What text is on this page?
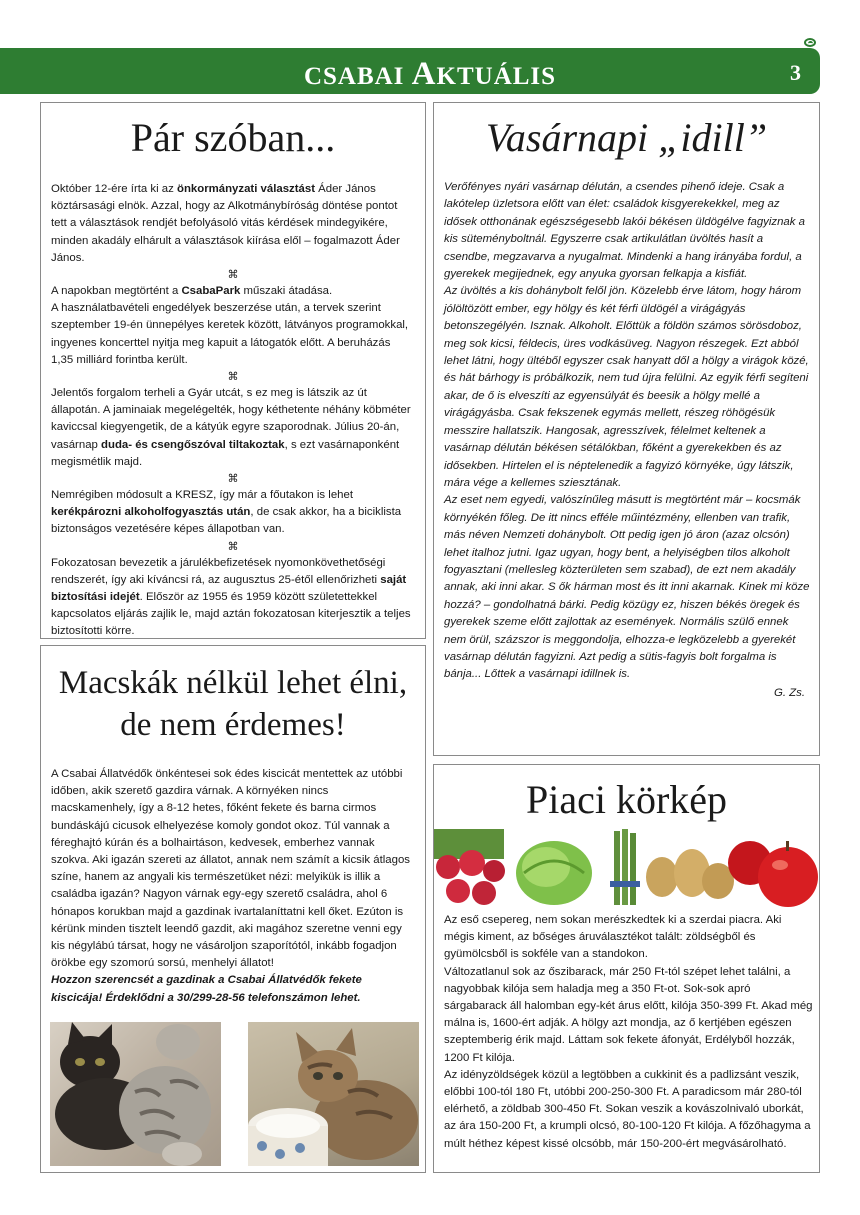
CSABAI AKTUÁLIS	3
Pár szóban...

Október 12-ére írta ki az önkormányzati választást Áder János köztársasági elnök. Azzal, hogy az Alkotmánybíróság döntése pontot tett a választások rendjét befolyásoló vitás kérdések mindegyikére, minden akadály elhárult a választások kiírása elől – fogalmazott Áder János.

⌘

A napokban megtörtént a CsabaPark műszaki átadása.

A használatbavételi engedélyek beszerzése után, a tervek szerint szeptember 19-én ünnepélyes keretek között, látványos programokkal, ingyenes koncerttel nyitja meg kapuit a látogatók előtt. A beruházás 1,35 milliárd forintba került.

⌘

Jelentős forgalom terheli a Gyár utcát, s ez meg is látszik az út állapotán. A jaminaiak megelégelték, hogy kéthetente néhány köbméter kaviccsal kiegyengetik, de a kátyúk egyre szaporodnak. Július 20-án, vasárnap duda- és csengőszóval tiltakoztak, s ezt vasárnaponként megismétlik majd.

⌘

Nemrégiben módosult a KRESZ, így már a főutakon is lehet kerékpározni alkoholfogyasztás után, de csak akkor, ha a biciklista biztonságos vezetésére képes állapotban van.

⌘

Fokozatosan bevezetik a járulékbefizetések nyomonkövethetőségi rendszerét, így aki kíváncsi rá, az augusztus 25-étől ellenőrizheti saját biztosítási idejét. Először az 1955 és 1959 között születettekkel kapcsolatos eljárás zajlik le, majd aztán fokozatosan kiterjesztik a teljes biztosítotti körre.

Vasárnapi „idill”

Verőfényes nyári vasárnap délután, a csendes pihenő ideje. Csak a lakótelep üzletsora előtt van élet: családok kisgyerekekkel, meg az idősek otthonának egészségesebb lakói békésen üldögélve fagyiznak a kis süteményboltnál. Egyszerre csak artikulátlan üvöltés hasít a csendbe, megzavarva a nyugalmat. Mindenki a hang irányába fordul, a gyerekek megijednek, egy anyuka gyorsan felkapja a kisfiát.

Az üvöltés a kis dohánybolt felől jön. Közelebb érve látom, hogy három jólöltözött ember, egy hölgy és két férfi üldögél a virágágyás betonszegélyén. Isznak. Alkoholt. Előttük a földön számos sörösdoboz, meg sok kicsi, féldecis, üres vodkásüveg. Nagyon részegek. Ezt abból lehet látni, hogy ültéből egyszer csak hanyatt dől a hölgy a virágok közé, és hát bárhogy is próbálkozik, nem tud újra felülni. Az egyik férfi segíteni akar, de ő is elveszíti az egyensúlyát és beesik a hölgy mellé a virágágyásba. Csak fekszenek egymás mellett, részeg röhögésük messzire hallatszik. Hangosak, agresszívek, félelmet keltenek a vasárnap délután békésen sétálókban, főként a gyerekekben és az idősekben. Hirtelen el is néptelenedik a fagyizó környéke, úgy látszik, mára vége a kellemes sziesztának.

Az eset nem egyedi, valószínűleg másutt is megtörtént már – kocsmák környékén főleg. De itt nincs efféle műintézmény, ellenben van trafik, más néven Nemzeti dohánybolt. Ott pedig igen jó áron (azaz olcsón) lehet italhoz jutni. Igaz ugyan, hogy bent, a helyiségben tilos alkoholt fogyasztani (mellesleg közterületen sem szabad), de ezt nem akadály annak, aki inni akar. S ők hárman most és itt inni akarnak. Kinek mi köze hozzá? – gondolhatná bárki. Pedig közügy ez, hiszen békés öregek és gyerekek szeme előtt zajlottak az események. Normális szülő ennek nem örül, százszor is meggondolja, elhozza-e legközelebb a gyerekét vasárnap délután fagyizni. Azt pedig a sütis-fagyis bolt forgalma is bánja... Lőttek a vasárnapi idillnek is.

G. Zs.

Macskák nélkül lehet élni,
de nem érdemes!

A Csabai Állatvédők önkéntesei sok édes kiscicát mentettek az utóbbi időben, akik szerető gazdira várnak. A környéken nincs macskamenhely, így a 8-12 hetes, főként fekete és barna cirmos bundáskájú cicusok elhelyezése komoly gondot okoz. Túl vannak a féreghajtó kúrán és a bolhairtáson, kedvesek, emberhez vannak szokva. Aki igazán szereti az állatot, annak nem számít a kicsik átlagos színe, hanem az angyali kis természetüket nézi: melyikük is illik a családba igazán? Nagyon várnak egy-egy szerető családra, ahol 6 hónapos korukban majd a gazdinak ivartalaníttatni kell őket. Ezúton is kérünk minden tisztelt leendő gazdit, aki magához szeretne venni egy kis négylábú társat, hogy ne vásároljon szaporítótól, inkább fogadjon örökbe egy szomorú sorsú, menhelyi állatot!

Hozzon szerencsét a gazdinak a Csabai Állatvédők fekete kiscicája! Érdeklődni a 30/299-28-56 telefonszámon lehet.

Piaci körkép

Az eső csepereg, nem sokan merészkedtek ki a szerdai piacra. Aki mégis kiment, az bőséges áruválasztékot talált: zöldségből és gyümölcsből is sokféle van a standokon.

Változatlanul sok az őszibarack, már 250 Ft-tól szépet lehet találni, a nagyobbak kilója sem haladja meg a 350 Ft-ot. Sok-sok apró sárgabarack áll halomban egy-két árus előtt, kilója 350-399 Ft. Akad még málna is, 1600-ért adják. A hölgy azt mondja, az ő kertjében egészen szeptemberig érik majd. Láttam sok fekete áfonyát, Erdélyből hozzák, 1200 Ft kilója.

Az idényzöldségek közül a legtöbben a cukkinit és a padlizsánt veszik, előbbi 100-tól 180 Ft, utóbbi 200-250-300 Ft. A paradicsom már 280-tól elérhető, a zöldbab 300-450 Ft. Sokan veszik a kovászolnivaló uborkát, az ára 150-200 Ft, a krumpli olcsó, 80-100-120 Ft kilója. A főzőhagyma a múlt héthez képest kissé olcsóbb, már 150-200-ért megvásárolható.
